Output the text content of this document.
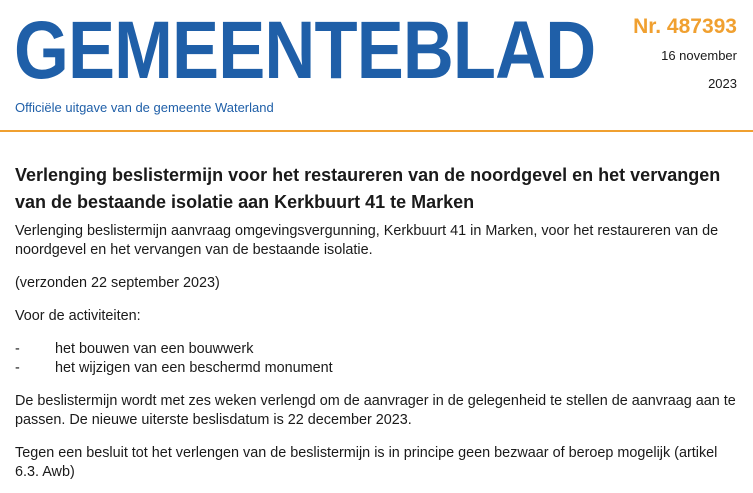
GEMEENTEBLAD
Officiële uitgave van de gemeente Waterland
Nr. 487393
16 november
2023
Verlenging beslistermijn voor het restaureren van de noordgevel en het vervangen van de bestaande isolatie aan Kerkbuurt 41 te Marken

Verlenging beslistermijn aanvraag omgevingsvergunning, Kerkbuurt 41 in Marken, voor het restaureren van de noordgevel en het vervangen van de bestaande isolatie.

(verzonden 22 september 2023)

Voor de activiteiten:

-	het bouwen van een bouwwerk
-	het wijzigen van een beschermd monument

De beslistermijn wordt met zes weken verlengd om de aanvrager in de gelegenheid te stellen de aanvraag aan te passen. De nieuwe uiterste beslisdatum is 22 december 2023.

Tegen een besluit tot het verlengen van de beslistermijn is in principe geen bezwaar of beroep mogelijk (artikel 6.3. Awb)
